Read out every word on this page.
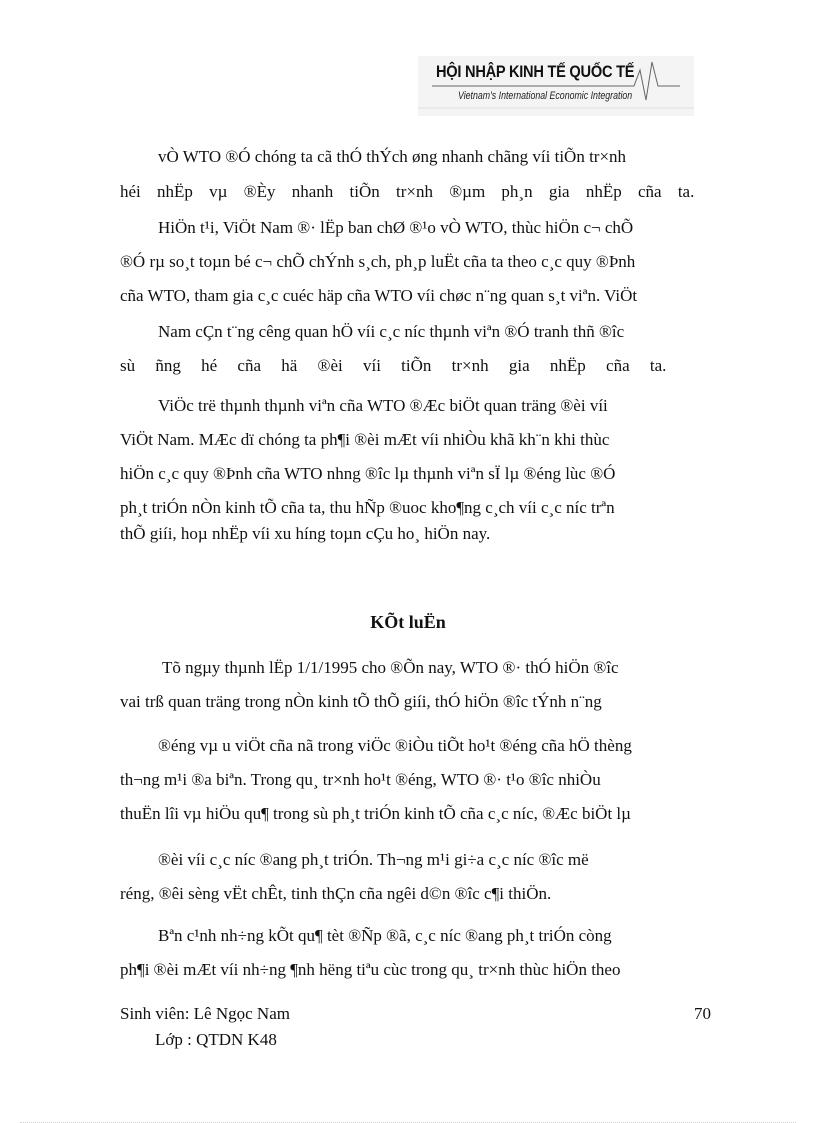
HỘI NHẬP KINH TẾ QUỐC TẾ
Vietnam's International Economic Integration
vÒ WTO ®Ó chóng ta cã thÓ thÝch øng nhanh chãng víi tiÕn tr×nh
héi nhËp vµ ®Èy nhanh tiÕn tr×nh ®µm ph¸n gia nhËp cña ta.
HiÖn t¹i, ViÖt Nam ®· lËp ban chØ ®¹o vÒ WTO, thùc hiÖn c¬ chÕ
®Ó rµ so¸t toµn bé c¬ chÕ chÝnh s¸ch, ph¸p luËt cña ta theo c¸c quy ®Þnh
cña WTO, tham gia c¸c cuéc häp cña WTO víi chøc n¨ng quan s¸t viªn. ViÖt
Nam cÇn t¨ng cêng quan hÖ víi c¸c níc thµnh viªn ®Ó tranh thñ ®îc
sù ñng hé cña hä ®èi víi tiÕn tr×nh gia nhËp cña ta.
ViÖc trë thµnh thµnh viªn cña WTO ®Æc biÖt quan träng ®èi víi
ViÖt Nam. MÆc dï chóng ta ph¶i ®èi mÆt víi nhiÒu khã kh¨n khi thùc
hiÖn c¸c quy ®Þnh cña WTO nhng ®îc lµ thµnh viªn sÏ lµ ®éng lùc ®Ó
ph¸t triÓn nÒn kinh tÕ cña ta, thu hÑp ®uoc kho¶ng c¸ch víi c¸c níc trªn
thÕ giíi, hoµ nhËp víi xu híng toµn cÇu ho¸ hiÖn nay.
KÕt luËn
Tõ ngµy thµnh lËp 1/1/1995 cho ®Õn nay, WTO ®· thÓ hiÖn ®îc
vai trß quan träng trong nÒn kinh tÕ thÕ giíi, thÓ hiÖn ®îc tÝnh n¨ng
®éng vµ u viÖt cña nã trong viÖc ®iÒu tiÕt ho¹t ®éng cña hÖ thèng
th¬ng m¹i ®a biªn. Trong qu¸ tr×nh ho¹t ®éng, WTO ®· t¹o ®îc nhiÒu
thuËn lîi vµ hiÖu qu¶ trong sù ph¸t triÓn kinh tÕ cña c¸c níc, ®Æc biÖt lµ
®èi víi c¸c níc ®ang ph¸t triÓn. Th¬ng m¹i gi÷a c¸c níc ®îc më
réng, ®êi sèng vËt chÊt, tinh thÇn cña ngêi d©n ®îc c¶i thiÖn.
Bªn c¹nh nh÷ng kÕt qu¶ tèt ®Ñp ®ã, c¸c níc ®ang ph¸t triÓn còng
ph¶i ®èi mÆt víi nh÷ng ¶nh hëng tiªu cùc trong qu¸ tr×nh thùc hiÖn theo
Sinh viên: Lê Ngọc Nam
Lớp : QTDN K48
70
